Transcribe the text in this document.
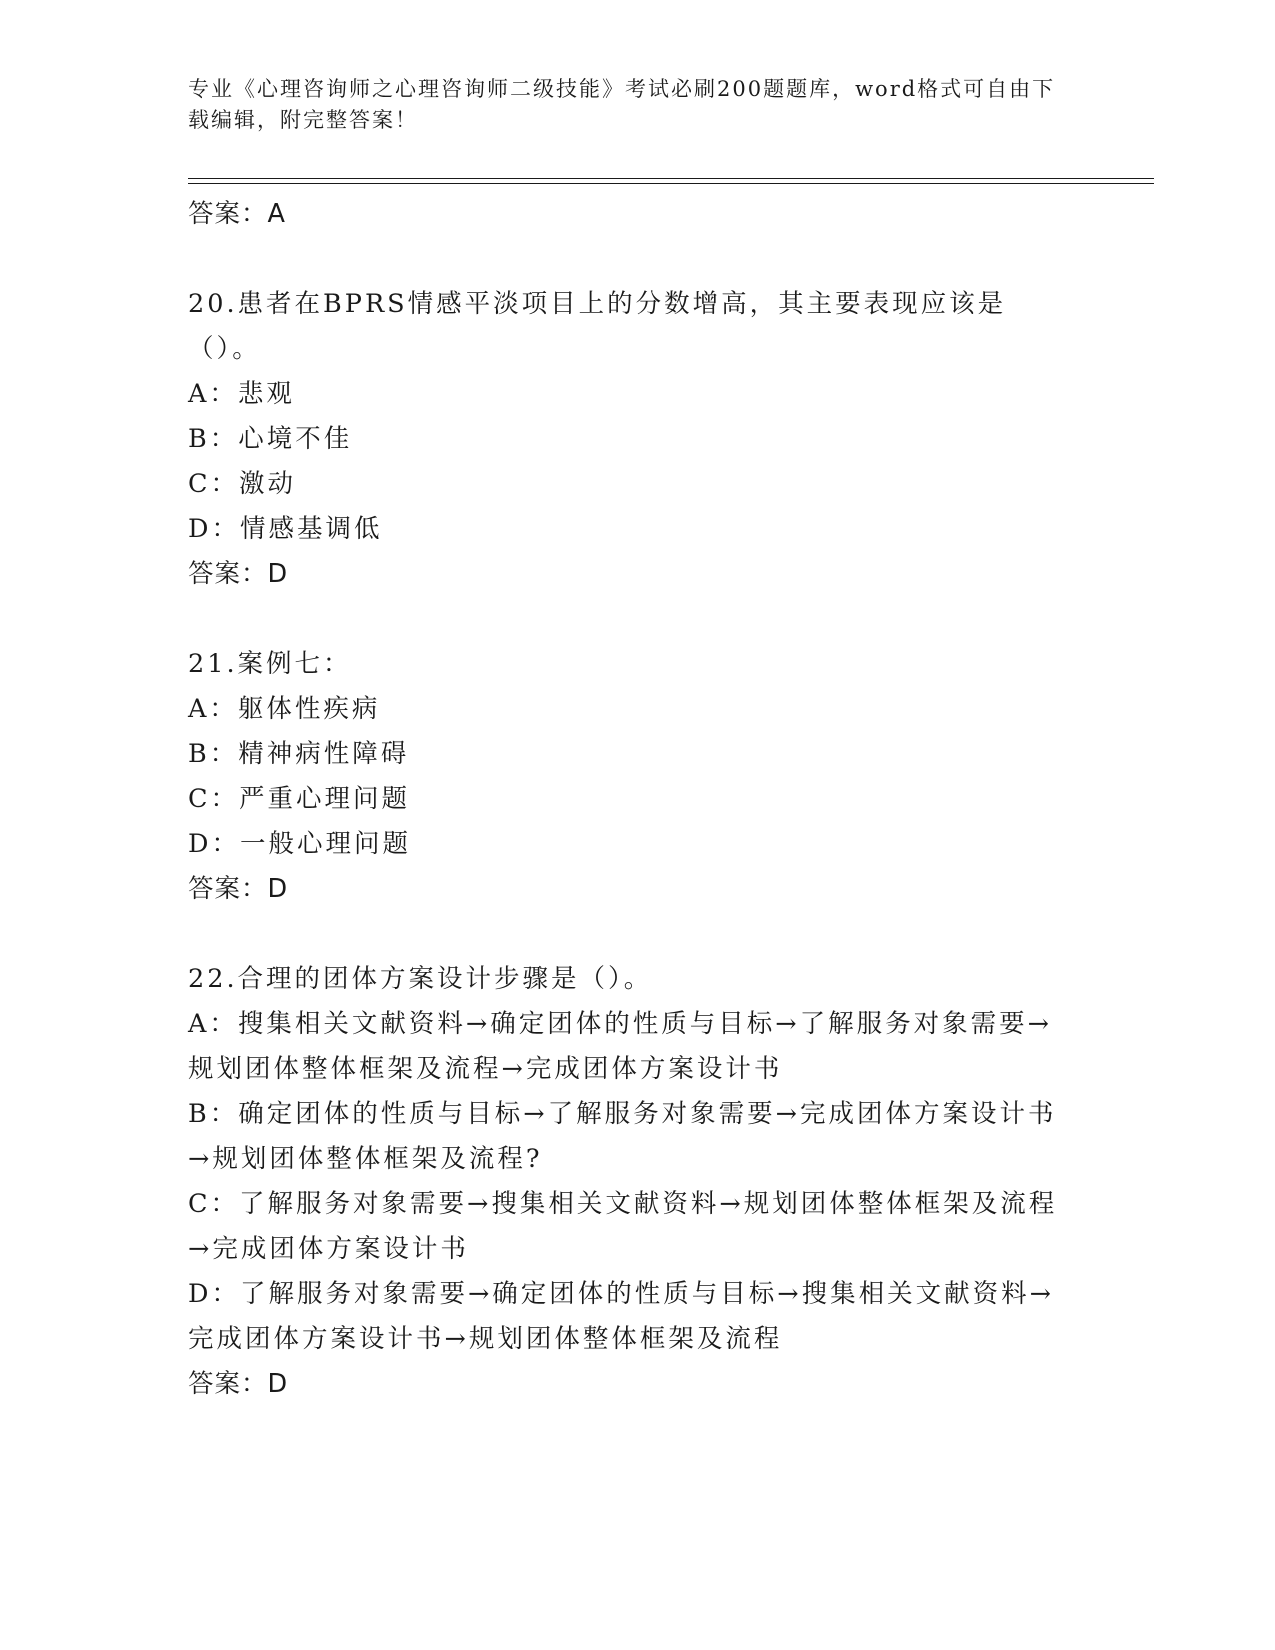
专业《心理咨询师之心理咨询师二级技能》考试必刷200题题库，word格式可自由下载编辑，附完整答案！
答案：A
20.患者在BPRS情感平淡项目上的分数增高，其主要表现应该是（）。
A：悲观
B：心境不佳
C：激动
D：情感基调低
答案：D
21.案例七：
A：躯体性疾病
B：精神病性障碍
C：严重心理问题
D：一般心理问题
答案：D
22.合理的团体方案设计步骤是（）。
A：搜集相关文献资料→确定团体的性质与目标→了解服务对象需要→规划团体整体框架及流程→完成团体方案设计书
B：确定团体的性质与目标→了解服务对象需要→完成团体方案设计书→规划团体整体框架及流程?
C：了解服务对象需要→搜集相关文献资料→规划团体整体框架及流程→完成团体方案设计书
D：了解服务对象需要→确定团体的性质与目标→搜集相关文献资料→完成团体方案设计书→规划团体整体框架及流程
答案：D
